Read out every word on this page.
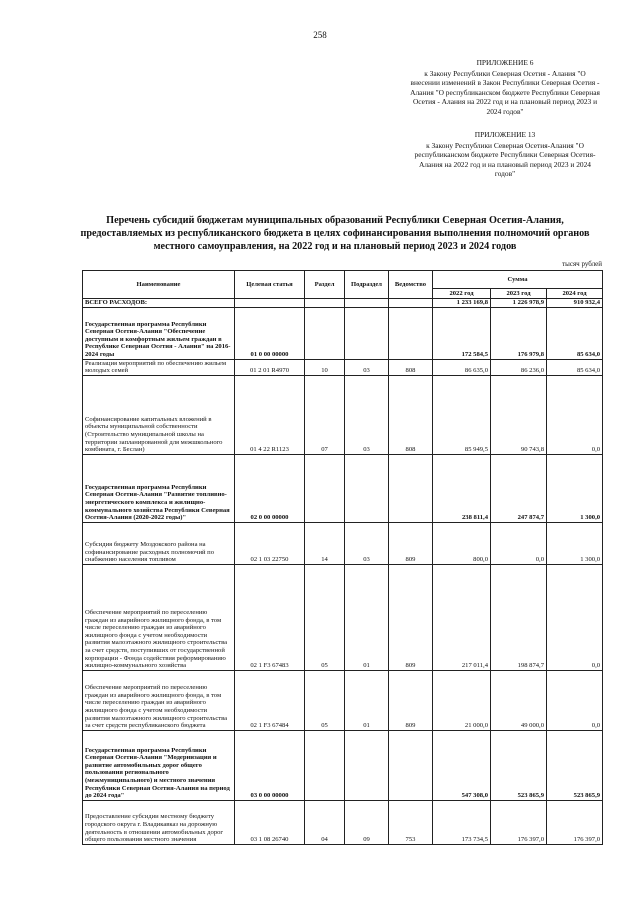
258
ПРИЛОЖЕНИЕ 6
к Закону Республики Северная Осетия - Алания "О внесении изменений в Закон Республики Северная Осетия - Алания "О республиканском бюджете Республики Северная Осетия - Алания на 2022 год и на плановый период 2023 и 2024 годов"
ПРИЛОЖЕНИЕ 13
к Закону Республики Северная Осетия-Алания "О республиканском бюджете Республики Северная Осетия-Алания на 2022 год и на плановый период 2023 и 2024 годов"
Перечень субсидий бюджетам муниципальных образований Республики Северная Осетия-Алания, предоставляемых из республиканского бюджета в целях софинансирования выполнения полномочий органов местного самоуправления, на 2022 год и на плановый период 2023 и 2024 годов
тысяч рублей
Наименование	Целевая статья	Раздел	Подраздел	Ведомство	Сумма		
					2022 год	2023 год	2024 год
ВСЕГО РАСХОДОВ:					1 233 169,8	1 226 978,9	910 932,4
Государственная программа Республики Северная Осетия-Алания "Обеспечение доступным и комфортным жильем граждан в Республике Северная Осетия - Алания" на 2016-2024 годы	01 0 00 00000				172 584,5	176 979,8	85 634,0
Реализация мероприятий по обеспечению жильем молодых семей	01 2 01 R4970	10	03	808	86 635,0	86 236,0	85 634,0
Софинансирование капитальных вложений в объекты муниципальной собственности (Строительство муниципальной школы на территории запланированной для межшкольного комбината, г. Беслан)	01 4 22 R1123	07	03	808	85 949,5	90 743,8	0,0
Государственная программа Республики Северная Осетия-Алания "Развитие топливно-энергетического комплекса и жилищно-коммунального хозяйства Республики Северная Осетия-Алания (2020-2022 годы)"	02 0 00 00000				238 811,4	247 874,7	1 300,0
Субсидия бюджету Моздокского района на софинансирование расходных полномочий по снабжению населения топливом	02 1 03 22750	14	03	809	800,0	0,0	1 300,0
Обеспечение мероприятий по переселению граждан из аварийного жилищного фонда, в том числе переселению граждан из аварийного жилищного фонда с учетом необходимости развития малоэтажного жилищного строительства за счет средств, поступивших от государственной корпорации - Фонда содействия реформированию жилищно-коммунального хозяйства	02 1 F3 67483	05	01	809	217 011,4	198 874,7	0,0
Обеспечение мероприятий по переселению граждан из аварийного жилищного фонда, в том числе переселению граждан из аварийного жилищного фонда с учетом необходимости развития малоэтажного жилищного строительства за счет средств республиканского бюджета	02 1 F3 67484	05	01	809	21 000,0	49 000,0	0,0
Государственная программа Республики Северная Осетия-Алания "Модернизация и развитие автомобильных дорог общего пользования регионального (межмуниципального) и местного значения Республики Северная Осетия-Алания на период до 2024 года"	03 0 00 00000				547 308,0	523 865,9	523 865,9
Предоставление субсидии местному бюджету городского округа г. Владикавказ на дорожную деятельность в отношении автомобильных дорог общего пользования местного значения	03 1 08 26740	04	09	753	173 734,5	176 397,0	176 397,0
